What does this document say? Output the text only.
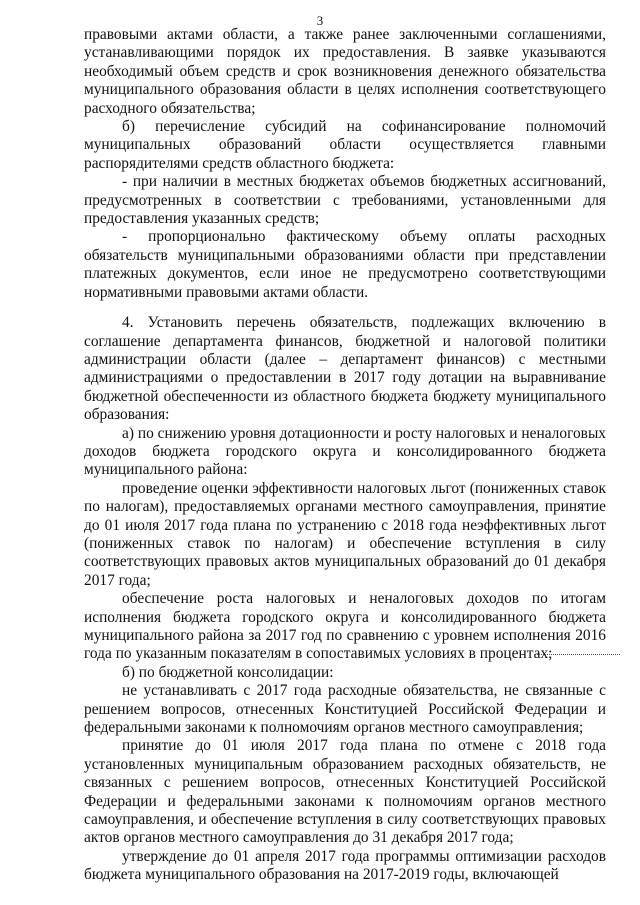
3

правовыми актами области, а также ранее заключенными соглашениями, устанавливающими порядок их предоставления. В заявке указываются необходимый объем средств и срок возникновения денежного обязательства муниципального образования области в целях исполнения соответствующего расходного обязательства;

б) перечисление субсидий на софинансирование полномочий муниципальных образований области осуществляется главными распорядителями средств областного бюджета:

- при наличии в местных бюджетах объемов бюджетных ассигнований, предусмотренных в соответствии с требованиями, установленными для предоставления указанных средств;

- пропорционально фактическому объему оплаты расходных обязательств муниципальными образованиями области при представлении платежных документов, если иное не предусмотрено соответствующими нормативными правовыми актами области.

4. Установить перечень обязательств, подлежащих включению в соглашение департамента финансов, бюджетной и налоговой политики администрации области (далее – департамент финансов) с местными администрациями о предоставлении в 2017 году дотации на выравнивание бюджетной обеспеченности из областного бюджета бюджету муниципального образования:

а) по снижению уровня дотационности и росту налоговых и неналоговых доходов бюджета городского округа и консолидированного бюджета муниципального района:

проведение оценки эффективности налоговых льгот (пониженных ставок по налогам), предоставляемых органами местного самоуправления, принятие до 01 июля 2017 года плана по устранению с 2018 года неэффективных льгот (пониженных ставок по налогам) и обеспечение вступления в силу соответствующих правовых актов муниципальных образований до 01 декабря 2017 года;

обеспечение роста налоговых и неналоговых доходов по итогам исполнения бюджета городского округа и консолидированного бюджета муниципального района за 2017 год по сравнению с уровнем исполнения 2016 года по указанным показателям в сопоставимых условиях в процентах;

б) по бюджетной консолидации:

не устанавливать с 2017 года расходные обязательства, не связанные с решением вопросов, отнесенных Конституцией Российской Федерации и федеральными законами к полномочиям органов местного самоуправления;

принятие до 01 июля 2017 года плана по отмене с 2018 года установленных муниципальным образованием расходных обязательств, не связанных с решением вопросов, отнесенных Конституцией Российской Федерации и федеральными законами к полномочиям органов местного самоуправления, и обеспечение вступления в силу соответствующих правовых актов органов местного самоуправления до 31 декабря 2017 года;

утверждение до 01 апреля 2017 года программы оптимизации расходов бюджета муниципального образования на 2017-2019 годы, включающей
